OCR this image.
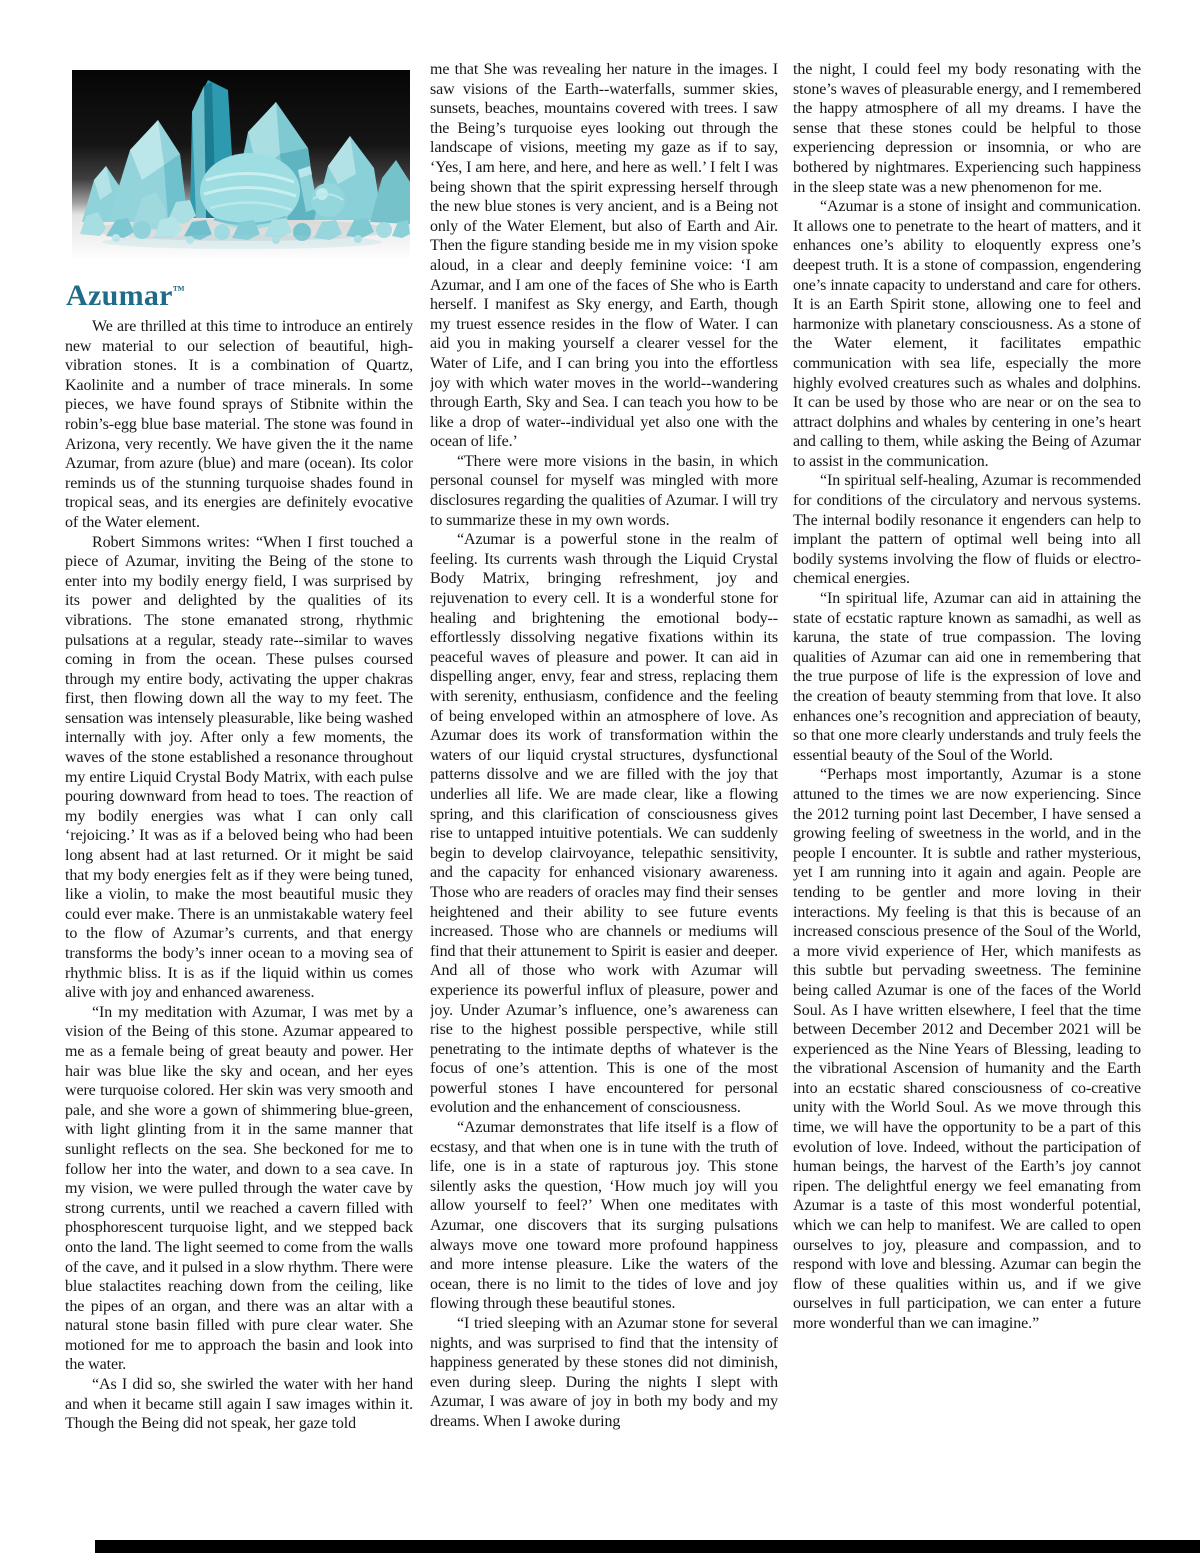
Azumar™

We are thrilled at this time to introduce an entirely new material to our selection of beautiful, high-vibration stones. It is a combination of Quartz, Kaolinite and a number of trace minerals. In some pieces, we have found sprays of Stibnite within the robin’s-egg blue base material. The stone was found in Arizona, very recently. We have given the it the name Azumar, from azure (blue) and mare (ocean). Its color reminds us of the stunning turquoise shades found in tropical seas, and its energies are definitely evocative of the Water element.

Robert Simmons writes: “When I first touched a piece of Azumar, inviting the Being of the stone to enter into my bodily energy field, I was surprised by its power and delighted by the qualities of its vibrations. The stone emanated strong, rhythmic pulsations at a regular, steady rate--similar to waves coming in from the ocean. These pulses coursed through my entire body, activating the upper chakras first, then flowing down all the way to my feet. The sensation was intensely pleasurable, like being washed internally with joy. After only a few moments, the waves of the stone established a resonance throughout my entire Liquid Crystal Body Matrix, with each pulse pouring downward from head to toes. The reaction of my bodily energies was what I can only call ‘rejoicing.’ It was as if a beloved being who had been long absent had at last returned. Or it might be said that my body energies felt as if they were being tuned, like a violin, to make the most beautiful music they could ever make. There is an unmistakable watery feel to the flow of Azumar’s currents, and that energy transforms the body’s inner ocean to a moving sea of rhythmic bliss. It is as if the liquid within us comes alive with joy and enhanced awareness.

“In my meditation with Azumar, I was met by a vision of the Being of this stone. Azumar appeared to me as a female being of great beauty and power. Her hair was blue like the sky and ocean, and her eyes were turquoise colored. Her skin was very smooth and pale, and she wore a gown of shimmering blue-green, with light glinting from it in the same manner that sunlight reflects on the sea. She beckoned for me to follow her into the water, and down to a sea cave. In my vision, we were pulled through the water cave by strong currents, until we reached a cavern filled with phosphorescent turquoise light, and we stepped back onto the land. The light seemed to come from the walls of the cave, and it pulsed in a slow rhythm. There were blue stalactites reaching down from the ceiling, like the pipes of an organ, and there was an altar with a natural stone basin filled with pure clear water. She motioned for me to approach the basin and look into the water.

“As I did so, she swirled the water with her hand and when it became still again I saw images within it. Though the Being did not speak, her gaze told

me that She was revealing her nature in the images. I saw visions of the Earth--waterfalls, summer skies, sunsets, beaches, mountains covered with trees. I saw the Being’s turquoise eyes looking out through the landscape of visions, meeting my gaze as if to say, ‘Yes, I am here, and here, and here as well.’ I felt I was being shown that the spirit expressing herself through the new blue stones is very ancient, and is a Being not only of the Water Element, but also of Earth and Air. Then the figure standing beside me in my vision spoke aloud, in a clear and deeply feminine voice: ‘I am Azumar, and I am one of the faces of She who is Earth herself. I manifest as Sky energy, and Earth, though my truest essence resides in the flow of Water. I can aid you in making yourself a clearer vessel for the Water of Life, and I can bring you into the effortless joy with which water moves in the world--wandering through Earth, Sky and Sea. I can teach you how to be like a drop of water--individual yet also one with the ocean of life.’

“There were more visions in the basin, in which personal counsel for myself was mingled with more disclosures regarding the qualities of Azumar. I will try to summarize these in my own words.

“Azumar is a powerful stone in the realm of feeling. Its currents wash through the Liquid Crystal Body Matrix, bringing refreshment, joy and rejuvenation to every cell. It is a wonderful stone for healing and brightening the emotional body--effortlessly dissolving negative fixations within its peaceful waves of pleasure and power. It can aid in dispelling anger, envy, fear and stress, replacing them with serenity, enthusiasm, confidence and the feeling of being enveloped within an atmosphere of love. As Azumar does its work of transformation within the waters of our liquid crystal structures, dysfunctional patterns dissolve and we are filled with the joy that underlies all life. We are made clear, like a flowing spring, and this clarification of consciousness gives rise to untapped intuitive potentials. We can suddenly begin to develop clairvoyance, telepathic sensitivity, and the capacity for enhanced visionary awareness. Those who are readers of oracles may find their senses heightened and their ability to see future events increased. Those who are channels or mediums will find that their attunement to Spirit is easier and deeper. And all of those who work with Azumar will experience its powerful influx of pleasure, power and joy. Under Azumar’s influence, one’s awareness can rise to the highest possible perspective, while still penetrating to the intimate depths of whatever is the focus of one’s attention. This is one of the most powerful stones I have encountered for personal evolution and the enhancement of consciousness.

“Azumar demonstrates that life itself is a flow of ecstasy, and that when one is in tune with the truth of life, one is in a state of rapturous joy. This stone silently asks the question, ‘How much joy will you allow yourself to feel?’ When one meditates with Azumar, one discovers that its surging pulsations always move one toward more profound happiness and more intense pleasure. Like the waters of the ocean, there is no limit to the tides of love and joy flowing through these beautiful stones.

“I tried sleeping with an Azumar stone for several nights, and was surprised to find that the intensity of happiness generated by these stones did not diminish, even during sleep. During the nights I slept with Azumar, I was aware of joy in both my body and my dreams. When I awoke during

the night, I could feel my body resonating with the stone’s waves of pleasurable energy, and I remembered the happy atmosphere of all my dreams. I have the sense that these stones could be helpful to those experiencing depression or insomnia, or who are bothered by nightmares. Experiencing such happiness in the sleep state was a new phenomenon for me.

“Azumar is a stone of insight and communication. It allows one to penetrate to the heart of matters, and it enhances one’s ability to eloquently express one’s deepest truth. It is a stone of compassion, engendering one’s innate capacity to understand and care for others. It is an Earth Spirit stone, allowing one to feel and harmonize with planetary consciousness. As a stone of the Water element, it facilitates empathic communication with sea life, especially the more highly evolved creatures such as whales and dolphins. It can be used by those who are near or on the sea to attract dolphins and whales by centering in one’s heart and calling to them, while asking the Being of Azumar to assist in the communication.

“In spiritual self-healing, Azumar is recommended for conditions of the circulatory and nervous systems. The internal bodily resonance it engenders can help to implant the pattern of optimal well being into all bodily systems involving the flow of fluids or electro-chemical energies.

“In spiritual life, Azumar can aid in attaining the state of ecstatic rapture known as samadhi, as well as karuna, the state of true compassion. The loving qualities of Azumar can aid one in remembering that the true purpose of life is the expression of love and the creation of beauty stemming from that love. It also enhances one’s recognition and appreciation of beauty, so that one more clearly understands and truly feels the essential beauty of the Soul of the World.

“Perhaps most importantly, Azumar is a stone attuned to the times we are now experiencing. Since the 2012 turning point last December, I have sensed a growing feeling of sweetness in the world, and in the people I encounter. It is subtle and rather mysterious, yet I am running into it again and again. People are tending to be gentler and more loving in their interactions. My feeling is that this is because of an increased conscious presence of the Soul of the World, a more vivid experience of Her, which manifests as this subtle but pervading sweetness. The feminine being called Azumar is one of the faces of the World Soul. As I have written elsewhere, I feel that the time between December 2012 and December 2021 will be experienced as the Nine Years of Blessing, leading to the vibrational Ascension of humanity and the Earth into an ecstatic shared consciousness of co-creative unity with the World Soul. As we move through this time, we will have the opportunity to be a part of this evolution of love. Indeed, without the participation of human beings, the harvest of the Earth’s joy cannot ripen. The delightful energy we feel emanating from Azumar is a taste of this most wonderful potential, which we can help to manifest. We are called to open ourselves to joy, pleasure and compassion, and to respond with love and blessing. Azumar can begin the flow of these qualities within us, and if we give ourselves in full participation, we can enter a future more wonderful than we can imagine.”
